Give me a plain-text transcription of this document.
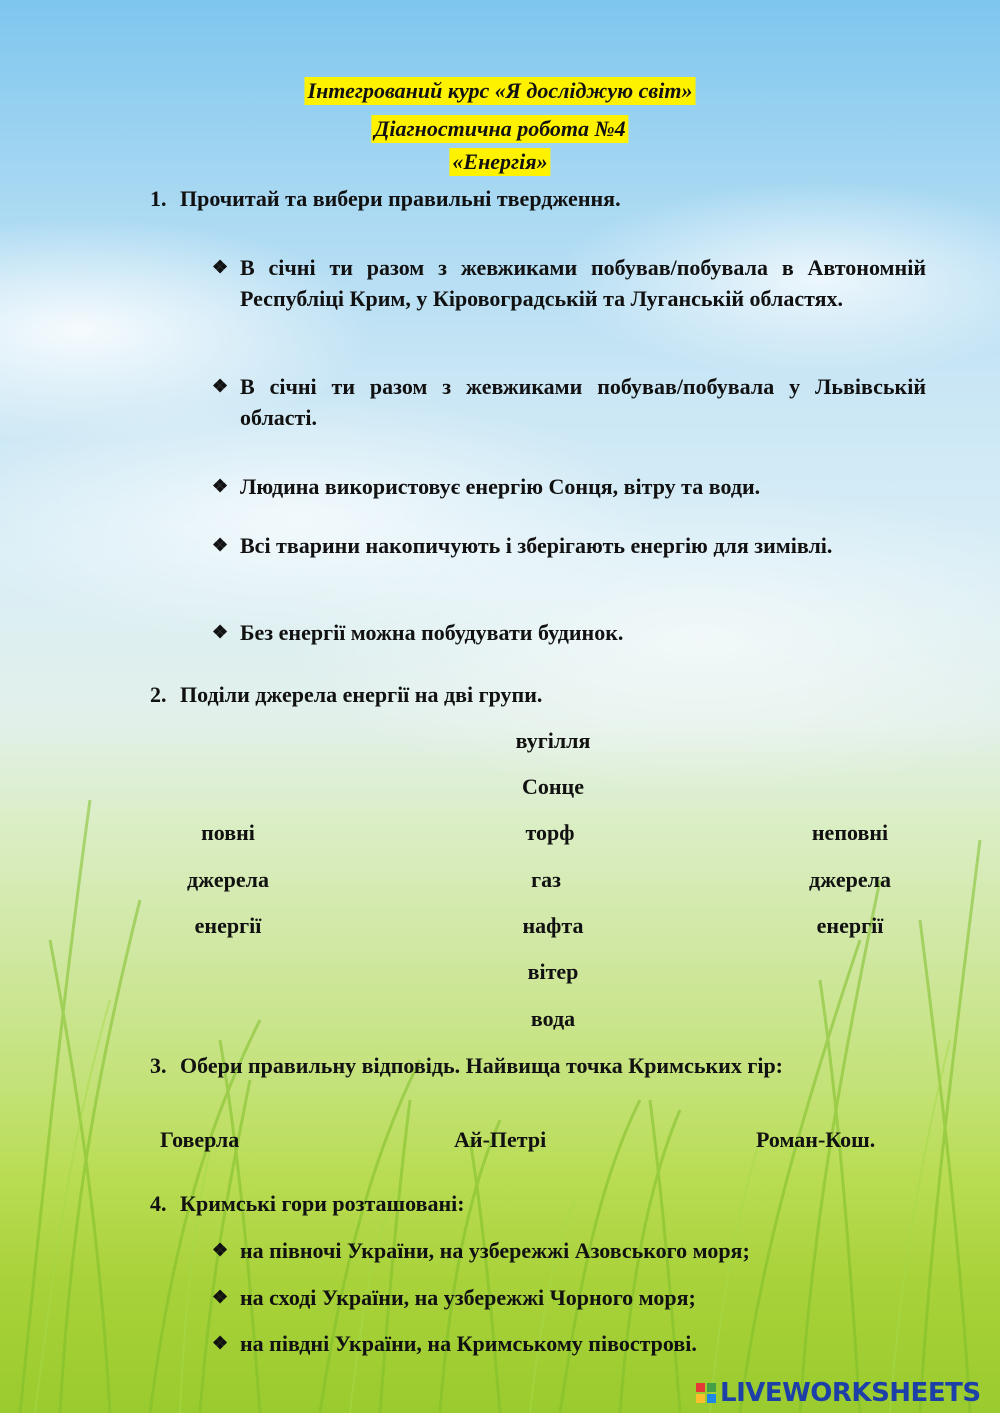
Інтегрований курс «Я досліджую світ»
Діагностична робота №4
«Енергія»
1. Прочитай та вибери правильні твердження.
❖ В січні ти разом з жевжиками побував/побувала в Автономній Республіці Крим, у Кіровоградській та Луганській областях.
❖ В січні ти разом з жевжиками побував/побувала у Львівській області.
❖ Людина використовує енергію Сонця, вітру та води.
❖ Всі тварини накопичують і зберігають енергію для зимівлі.
❖ Без енергії можна побудувати будинок.
2. Поділи джерела енергії на дві групи.
повні
джерела
енергії
неповні
джерела
енергії
вугілля
Сонце
торф
газ
нафта
вітер
вода
3. Обери правильну відповідь. Найвища точка Кримських гір:
Говерла	Ай-Петрі	Роман-Кош.
4. Кримські гори розташовані:
❖ на півночі України, на узбережжі Азовського моря;
❖ на сході України, на узбережжі Чорного моря;
❖ на півдні України, на Кримському півострові.
LIVEWORKSHEETS
